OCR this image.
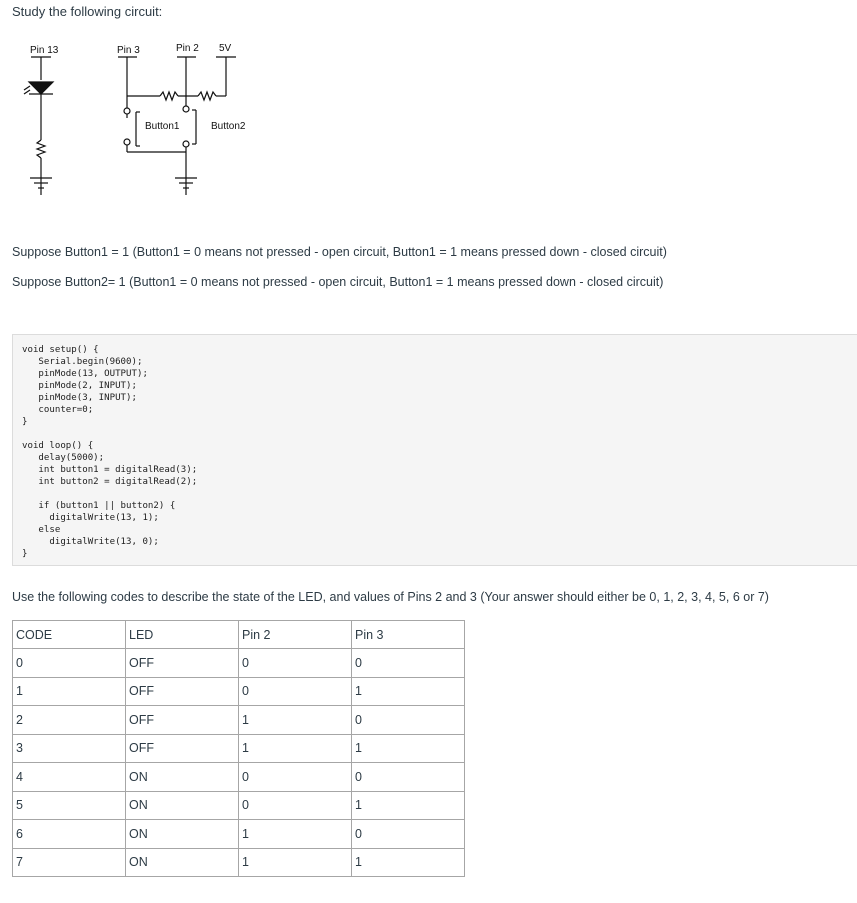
Study the following circuit:
Pin 13	Pin 3	Pin 2 5V
Button1	Button2
Suppose Button1 = 1 (Button1 = 0 means not pressed - open circuit, Button1 = 1 means pressed down - closed circuit)
Suppose Button2= 1 (Button1 = 0 means not pressed - open circuit, Button1 = 1 means pressed down - closed circuit)
void setup() {
Serial.begin(9600);
pinMode(13, OUTPUT);
pinMode(2, INPUT);
pinMode(3, INPUT);
counter=0;
}

void loop() {
delay(5000);
int button1 = digitalRead(3);
int button2 = digitalRead(2);

if (button1 || button2) {
digitalWrite(13, 1);
else
digitalWrite(13, 0);
}
Use the following codes to describe the state of the LED, and values of Pins 2 and 3 (Your answer should either be 0, 1, 2, 3, 4, 5, 6 or 7)
CODE	LED	Pin 2	Pin 3
0	OFF	0	0
1	OFF	0	1
2	OFF	1	0
3	OFF	1	1
4	ON	0	0
5	ON	0	1
6	ON	1	0
7	ON	1	1
